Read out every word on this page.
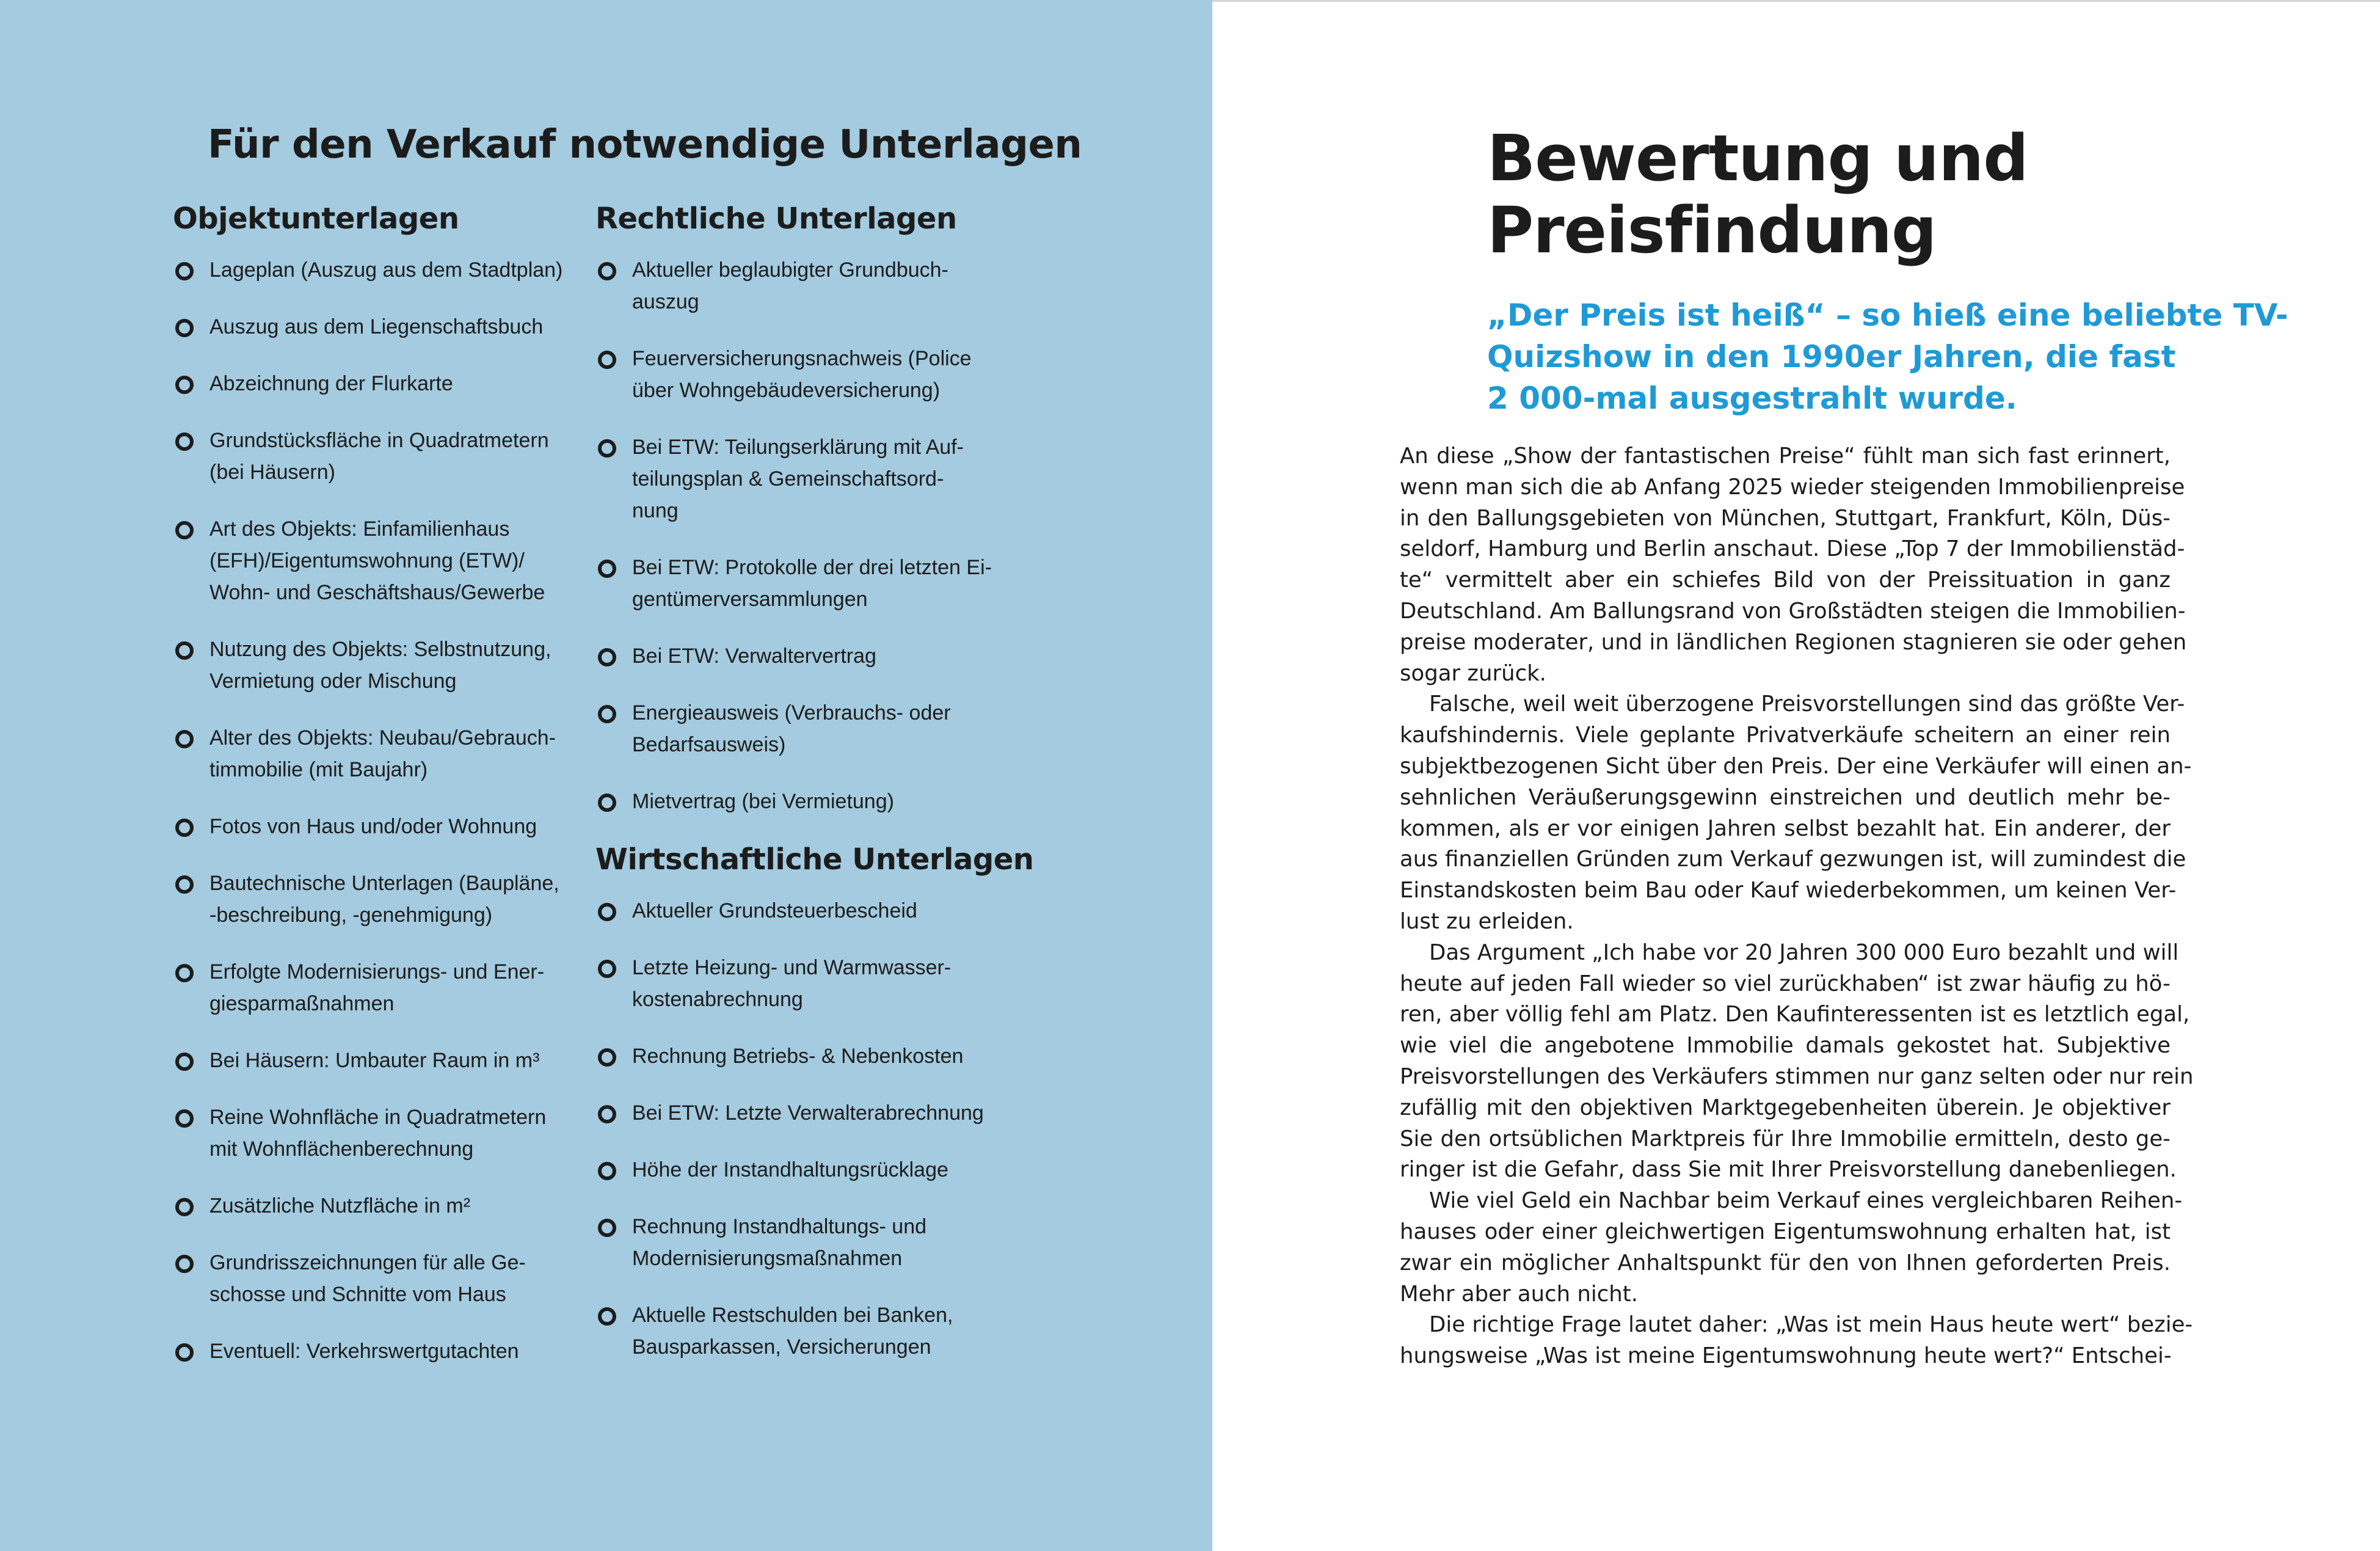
Für den Verkauf notwendige Unterlagen
Objektunterlagen
Lageplan (Auszug aus dem Stadtplan)
Auszug aus dem Liegenschaftsbuch
Abzeichnung der Flurkarte
Grundstücksfläche in Quadratmetern
(bei Häusern)
Art des Objekts: Einfamilienhaus
(EFH)/Eigentumswohnung (ETW)/
Wohn- und Geschäftshaus/Gewerbe
Nutzung des Objekts: Selbstnutzung,
Vermietung oder Mischung
Alter des Objekts: Neubau/Gebrauch-
timmobilie (mit Baujahr)
Fotos von Haus und/oder Wohnung
Bautechnische Unterlagen (Baupläne,
-beschreibung, -genehmigung)
Erfolgte Modernisierungs- und Ener-
giesparmaßnahmen
Bei Häusern: Umbauter Raum in m³
Reine Wohnfläche in Quadratmetern
mit Wohnflächenberechnung
Zusätzliche Nutzfläche in m²
Grundrisszeichnungen für alle Ge-
schosse und Schnitte vom Haus
Eventuell: Verkehrswertgutachten
Rechtliche Unterlagen
Aktueller beglaubigter Grundbuch-
auszug
Feuerversicherungsnachweis (Police
über Wohngebäudeversicherung)
Bei ETW: Teilungserklärung mit Auf-
teilungsplan & Gemeinschaftsord-
nung
Bei ETW: Protokolle der drei letzten Ei-
gentümerversammlungen
Bei ETW: Verwaltervertrag
Energieausweis (Verbrauchs- oder
Bedarfsausweis)
Mietvertrag (bei Vermietung)
Wirtschaftliche Unterlagen
Aktueller Grundsteuerbescheid
Letzte Heizung- und Warmwasser-
kostenabrechnung
Rechnung Betriebs- & Nebenkosten
Bei ETW: Letzte Verwalterabrechnung
Höhe der Instandhaltungsrücklage
Rechnung Instandhaltungs- und
Modernisierungsmaßnahmen
Aktuelle Restschulden bei Banken,
Bausparkassen, Versicherungen
Bewertung und
Preisfindung

„Der Preis ist heiß“ – so hieß eine beliebte TV-
Quizshow in den 1990er Jahren, die fast
2 000-mal ausgestrahlt wurde.

An diese „Show der fantastischen Preise“ fühlt man sich fast erinnert,
wenn man sich die ab Anfang 2025 wieder steigenden Immobilienpreise
in den Ballungsgebieten von München, Stuttgart, Frankfurt, Köln, Düs-
seldorf, Hamburg und Berlin anschaut. Diese „Top 7 der Immobilienstäd-
te“ vermittelt aber ein schiefes Bild von der Preissituation in ganz
Deutschland. Am Ballungsrand von Großstädten steigen die Immobilien-
preise moderater, und in ländlichen Regionen stagnieren sie oder gehen
sogar zurück.
Falsche, weil weit überzogene Preisvorstellungen sind das größte Ver-
kaufshindernis. Viele geplante Privatverkäufe scheitern an einer rein
subjektbezogenen Sicht über den Preis. Der eine Verkäufer will einen an-
sehnlichen Veräußerungsgewinn einstreichen und deutlich mehr be-
kommen, als er vor einigen Jahren selbst bezahlt hat. Ein anderer, der
aus finanziellen Gründen zum Verkauf gezwungen ist, will zumindest die
Einstandskosten beim Bau oder Kauf wiederbekommen, um keinen Ver-
lust zu erleiden.
Das Argument „Ich habe vor 20 Jahren 300 000 Euro bezahlt und will
heute auf jeden Fall wieder so viel zurückhaben“ ist zwar häufig zu hö-
ren, aber völlig fehl am Platz. Den Kaufinteressenten ist es letztlich egal,
wie viel die angebotene Immobilie damals gekostet hat. Subjektive
Preisvorstellungen des Verkäufers stimmen nur ganz selten oder nur rein
zufällig mit den objektiven Marktgegebenheiten überein. Je objektiver
Sie den ortsüblichen Marktpreis für Ihre Immobilie ermitteln, desto ge-
ringer ist die Gefahr, dass Sie mit Ihrer Preisvorstellung danebenliegen.
Wie viel Geld ein Nachbar beim Verkauf eines vergleichbaren Reihen-
hauses oder einer gleichwertigen Eigentumswohnung erhalten hat, ist
zwar ein möglicher Anhaltspunkt für den von Ihnen geforderten Preis.
Mehr aber auch nicht.
Die richtige Frage lautet daher: „Was ist mein Haus heute wert“ bezie-
hungsweise „Was ist meine Eigentumswohnung heute wert?“ Entschei-
